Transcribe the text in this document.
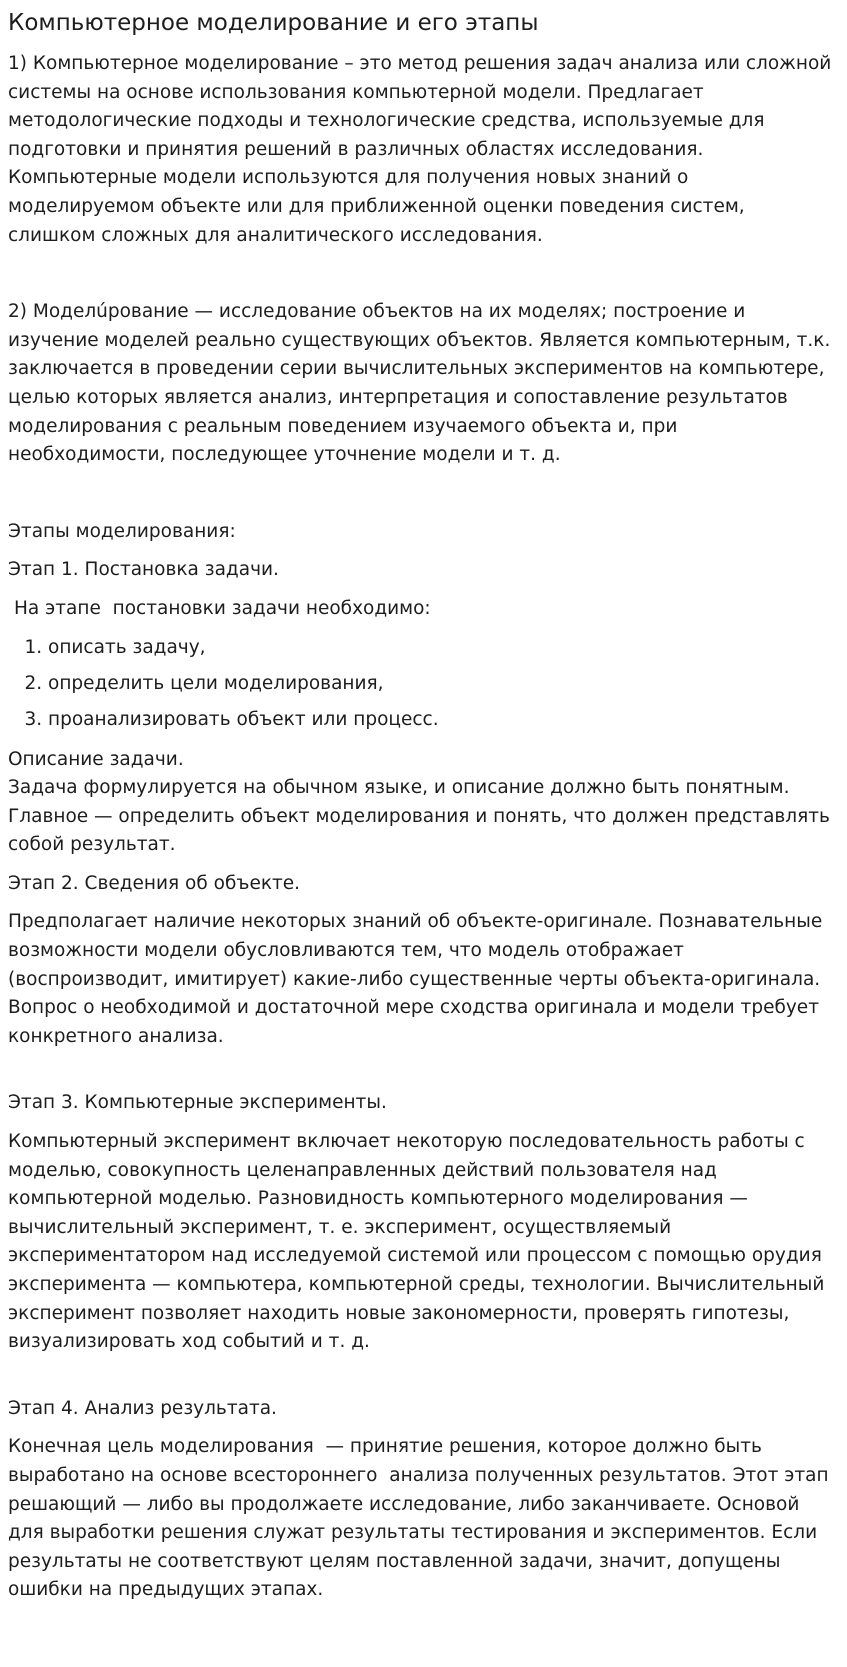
Компьютерное моделирование и его этапы

1) Компьютерное моделирование – это метод решения задач анализа или сложной системы на основе использования компьютерной модели. Предлагает методологические подходы и технологические средства, используемые для подготовки и принятия решений в различных областях исследования. Компьютерные модели используются для получения новых знаний о моделируемом объекте или для приближенной оценки поведения систем, слишком сложных для аналитического исследования.

2) Моделúрование — исследование объектов на их моделях; построение и изучение моделей реально существующих объектов. Является компьютерным, т.к. заключается в проведении серии вычислительных экспериментов на компьютере, целью которых является анализ, интерпретация и сопоставление результатов моделирования с реальным поведением изучаемого объекта и, при необходимости, последующее уточнение модели и т. д.

Этапы моделирования:

Этап 1. Постановка задачи.

На этапе  постановки задачи необходимо:

1. описать задачу,
2. определить цели моделирования,
3. проанализировать объект или процесс.

Описание задачи.

Задача формулируется на обычном языке, и описание должно быть понятным. Главное — определить объект моделирования и понять, что должен представлять собой результат.

Этап 2. Сведения об объекте.

Предполагает наличие некоторых знаний об объекте-оригинале. Познавательные возможности модели обусловливаются тем, что модель отображает (воспроизводит, имитирует) какие-либо существенные черты объекта-оригинала. Вопрос о необходимой и достаточной мере сходства оригинала и модели требует конкретного анализа.

Этап 3. Компьютерные эксперименты.

Компьютерный эксперимент включает некоторую последовательность работы с моделью, совокупность целенаправленных действий пользователя над компьютерной моделью. Разновидность компьютерного моделирования — вычислительный эксперимент, т. е. эксперимент, осуществляемый экспериментатором над исследуемой системой или процессом с помощью орудия эксперимента — компьютера, компьютерной среды, технологии. Вычислительный эксперимент позволяет находить новые закономерности, проверять гипотезы, визуализировать ход событий и т. д.

Этап 4. Анализ результата.

Конечная цель моделирования  — принятие решения, которое должно быть выработано на основе всестороннего  анализа полученных результатов. Этот этап решающий — либо вы продолжаете исследование, либо заканчиваете. Основой для выработки решения служат результаты тестирования и экспериментов. Если результаты не соответствуют целям поставленной задачи, значит, допущены ошибки на предыдущих этапах.
